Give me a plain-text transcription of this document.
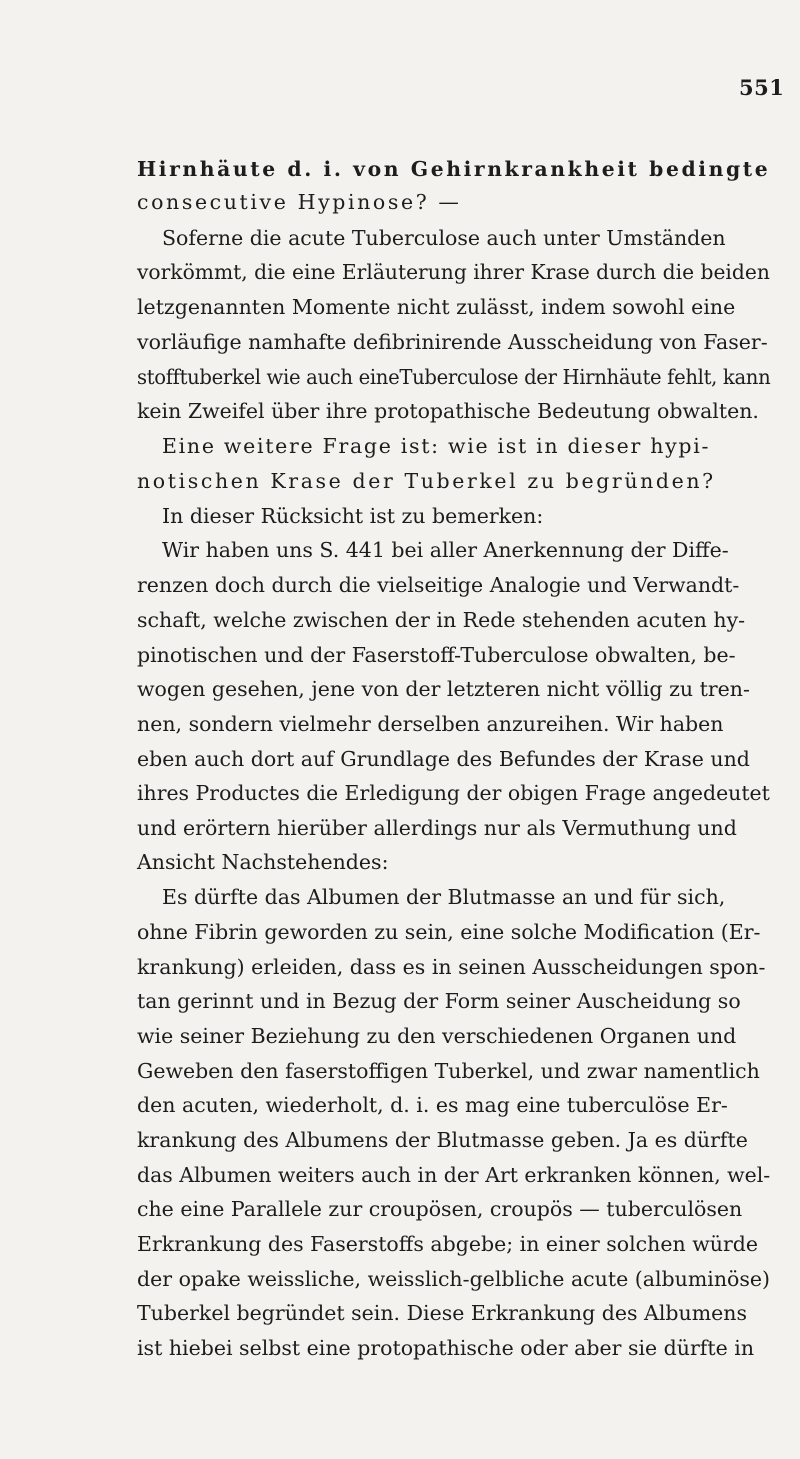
551
Hirnhäute d. i. von Gehirnkrankheit bedingte
consecutive Hypinose? —
Soferne die acute Tuberculose auch unter Umständen
vorkömmt, die eine Erläuterung ihrer Krase durch die beiden
letzgenannten Momente nicht zulässt, indem sowohl eine
vorläufige namhafte defibrinirende Ausscheidung von Faser-
stofftuberkel wie auch eineTuberculose der Hirnhäute fehlt, kann
kein Zweifel über ihre protopathische Bedeutung obwalten.
Eine weitere Frage ist: wie ist in dieser hypi-
notischen Krase der Tuberkel zu begründen?
In dieser Rücksicht ist zu bemerken:
Wir haben uns S. 441 bei aller Anerkennung der Diffe-
renzen doch durch die vielseitige Analogie und Verwandt-
schaft, welche zwischen der in Rede stehenden acuten hy-
pinotischen und der Faserstoff-Tuberculose obwalten, be-
wogen gesehen, jene von der letzteren nicht völlig zu tren-
nen, sondern vielmehr derselben anzureihen. Wir haben
eben auch dort auf Grundlage des Befundes der Krase und
ihres Productes die Erledigung der obigen Frage angedeutet
und erörtern hierüber allerdings nur als Vermuthung und
Ansicht Nachstehendes:
Es dürfte das Albumen der Blutmasse an und für sich,
ohne Fibrin geworden zu sein, eine solche Modification (Er-
krankung) erleiden, dass es in seinen Ausscheidungen spon-
tan gerinnt und in Bezug der Form seiner Auscheidung so
wie seiner Beziehung zu den verschiedenen Organen und
Geweben den faserstoffigen Tuberkel, und zwar namentlich
den acuten, wiederholt, d. i. es mag eine tuberculöse Er-
krankung des Albumens der Blutmasse geben. Ja es dürfte
das Albumen weiters auch in der Art erkranken können, wel-
che eine Parallele zur croupösen, croupös — tuberculösen
Erkrankung des Faserstoffs abgebe; in einer solchen würde
der opake weissliche, weisslich-gelbliche acute (albuminöse)
Tuberkel begründet sein. Diese Erkrankung des Albumens
ist hiebei selbst eine protopathische oder aber sie dürfte in
